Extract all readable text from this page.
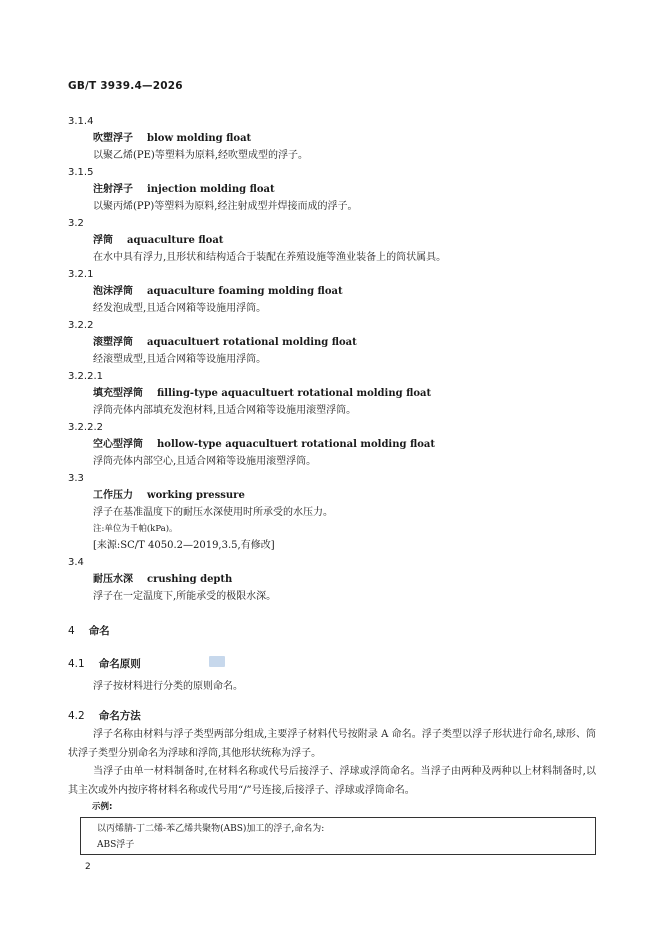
GB/T 3939.4—2026
3.1.4
吹塑浮子 blow molding float
以聚乙烯(PE)等塑料为原料,经吹塑成型的浮子。
3.1.5
注射浮子 injection molding float
以聚丙烯(PP)等塑料为原料,经注射成型并焊接而成的浮子。
3.2
浮筒 aquaculture float
在水中具有浮力,且形状和结构适合于装配在养殖设施等渔业装备上的筒状属具。
3.2.1
泡沫浮筒 aquaculture foaming molding float
经发泡成型,且适合网箱等设施用浮筒。
3.2.2
滚塑浮筒 aquacultuert rotational molding float
经滚塑成型,且适合网箱等设施用浮筒。
3.2.2.1
填充型浮筒 filling-type aquacultuert rotational molding float
浮筒壳体内部填充发泡材料,且适合网箱等设施用滚塑浮筒。
3.2.2.2
空心型浮筒 hollow-type aquacultuert rotational molding float
浮筒壳体内部空心,且适合网箱等设施用滚塑浮筒。
3.3
工作压力 working pressure
浮子在基准温度下的耐压水深使用时所承受的水压力。
注:单位为千帕(kPa)。
[来源:SC/T 4050.2—2019,3.5,有修改]
3.4
耐压水深 crushing depth
浮子在一定温度下,所能承受的极限水深。
4 命名
4.1 命名原则
浮子按材料进行分类的原则命名。
4.2 命名方法
浮子名称由材料与浮子类型两部分组成,主要浮子材料代号按附录 A 命名。浮子类型以浮子形状进行命名,球形、筒状浮子类型分别命名为浮球和浮筒,其他形状统称为浮子。
当浮子由单一材料制备时,在材料名称或代号后接浮子、浮球或浮筒命名。当浮子由两种及两种以上材料制备时,以其主次或外内按序将材料名称或代号用“/”号连接,后接浮子、浮球或浮筒命名。
示例:
以丙烯腈-丁二烯-苯乙烯共聚物(ABS)加工的浮子,命名为:
ABS浮子
2
